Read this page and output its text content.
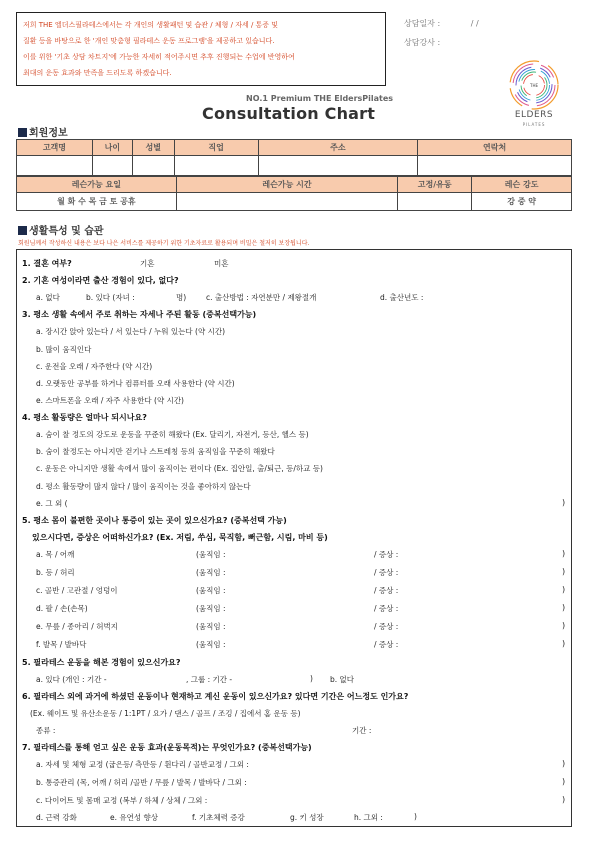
저희 THE 엘더스필라테스에서는 각 개인의 생활패턴 및 습관 / 체형 / 자세 / 통증 및
질환 등을 바탕으로 한 '개인 맞춤형 필라테스 운동 프로그램'을 제공하고 있습니다.
이를 위한 '기초 상담 차트지'에 가능한 자세히 적어주시면 추후 진행되는 수업에 반영하여
최대의 운동 효과와 만족을 드리도록 하겠습니다.
상담일자 :	/ /
상담강사 :
THE
ELDERS
PILATES
NO.1 Premium THE EldersPilates
Consultation Chart
회원정보
고객명	나이	성별	직업	주소	연락처

레슨가능 요일	레슨가능 시간	고정/유동	레슨 강도
월 화 수 목 금 토 공휴			강 중 약
생활특성 및 습관
회원님께서 작성하신 내용은 보다 나은 서비스를 제공하기 위한 기초자료로 활용되며 비밀은 철저히 보장됩니다.
1. 결혼 여부?	기혼	미혼
2. 기혼 여성이라면 출산 경험이 있다, 없다?
a. 없다	b. 있다 (자녀 :	명)	c. 출산방법 : 자연분만 / 제왕절개	d. 출산년도 :
3. 평소 생활 속에서 주로 취하는 자세나 주된 활동 (중복선택가능)
a. 장시간 앉아 있는다 / 서 있는다 / 누워 있는다 (약 시간)
b. 많이 움직인다
c. 운전을 오래 / 자주한다 (약 시간)
d. 오랫동안 공부를 하거나 컴퓨터를 오래 사용한다 (약 시간)
e. 스마트폰을 오래 / 자주 사용한다 (약 시간)
4. 평소 활동량은 얼마나 되시나요?
a. 숨이 찰 정도의 강도로 운동을 꾸준히 해왔다 (Ex. 달리기, 자전거, 등산, 헬스 등)
b. 숨이 찰정도는 아니지만 걷기나 스트레칭 등의 움직임을 꾸준히 해왔다
c. 운동은 아니지만 생활 속에서 많이 움직이는 편이다 (Ex. 집안일, 출/퇴근, 등/하교 등)
d. 평소 활동량이 많지 않다 / 많이 움직이는 것을 좋아하지 않는다
e. 그 외 (	)
5. 평소 몸이 불편한 곳이나 통증이 있는 곳이 있으신가요? (중복선택 가능)
있으시다면, 증상은 어떠하신가요? (Ex. 저림, 쑤심, 묵직함, 뻐근함, 시림, 마비 등)
a. 목 / 어깨	(움직임 :	/ 증상 :	)
b. 등 / 허리	(움직임 :	/ 증상 :	)
c. 골반 / 고관절 / 엉덩이	(움직임 :	/ 증상 :	)
d. 팔 / 손(손목)	(움직임 :	/ 증상 :	)
e. 무릎 / 종아리 / 허벅지	(움직임 :	/ 증상 :	)
f. 발목 / 발바닥	(움직임 :	/ 증상 :	)
5. 필라테스 운동을 해본 경험이 있으신가요?
a. 있다 (개인 : 기간 -	, 그룹 : 기간 -	) b. 없다
6. 필라테스 외에 과거에 하셨던 운동이나 현재하고 계신 운동이 있으신가요? 있다면 기간은 어느정도 인가요?
(Ex. 웨이트 및 유산소운동 / 1:1PT / 요가 / 댄스 / 골프 / 조깅 / 집에서 홈 운동 등)
종류 :	기간 :
7. 필라테스를 통해 얻고 싶은 운동 효과(운동목적)는 무엇인가요? (중복선택가능)
a. 자세 및 체형 교정 (굽은등/ 측만등 / 휜다리 / 골반교정 / 그외 :	)
b. 통증관리 (목, 어깨 / 허리 /골반 / 무릎 / 발목 / 발바닥 / 그외 :	)
c. 다이어트 및 몸매 교정 (복부 / 하체 / 상체 / 그외 :	)
d. 근력 강화	e. 유연성 향상	f. 기초체력 증강	g. 키 성장	h. 그외 :	)
